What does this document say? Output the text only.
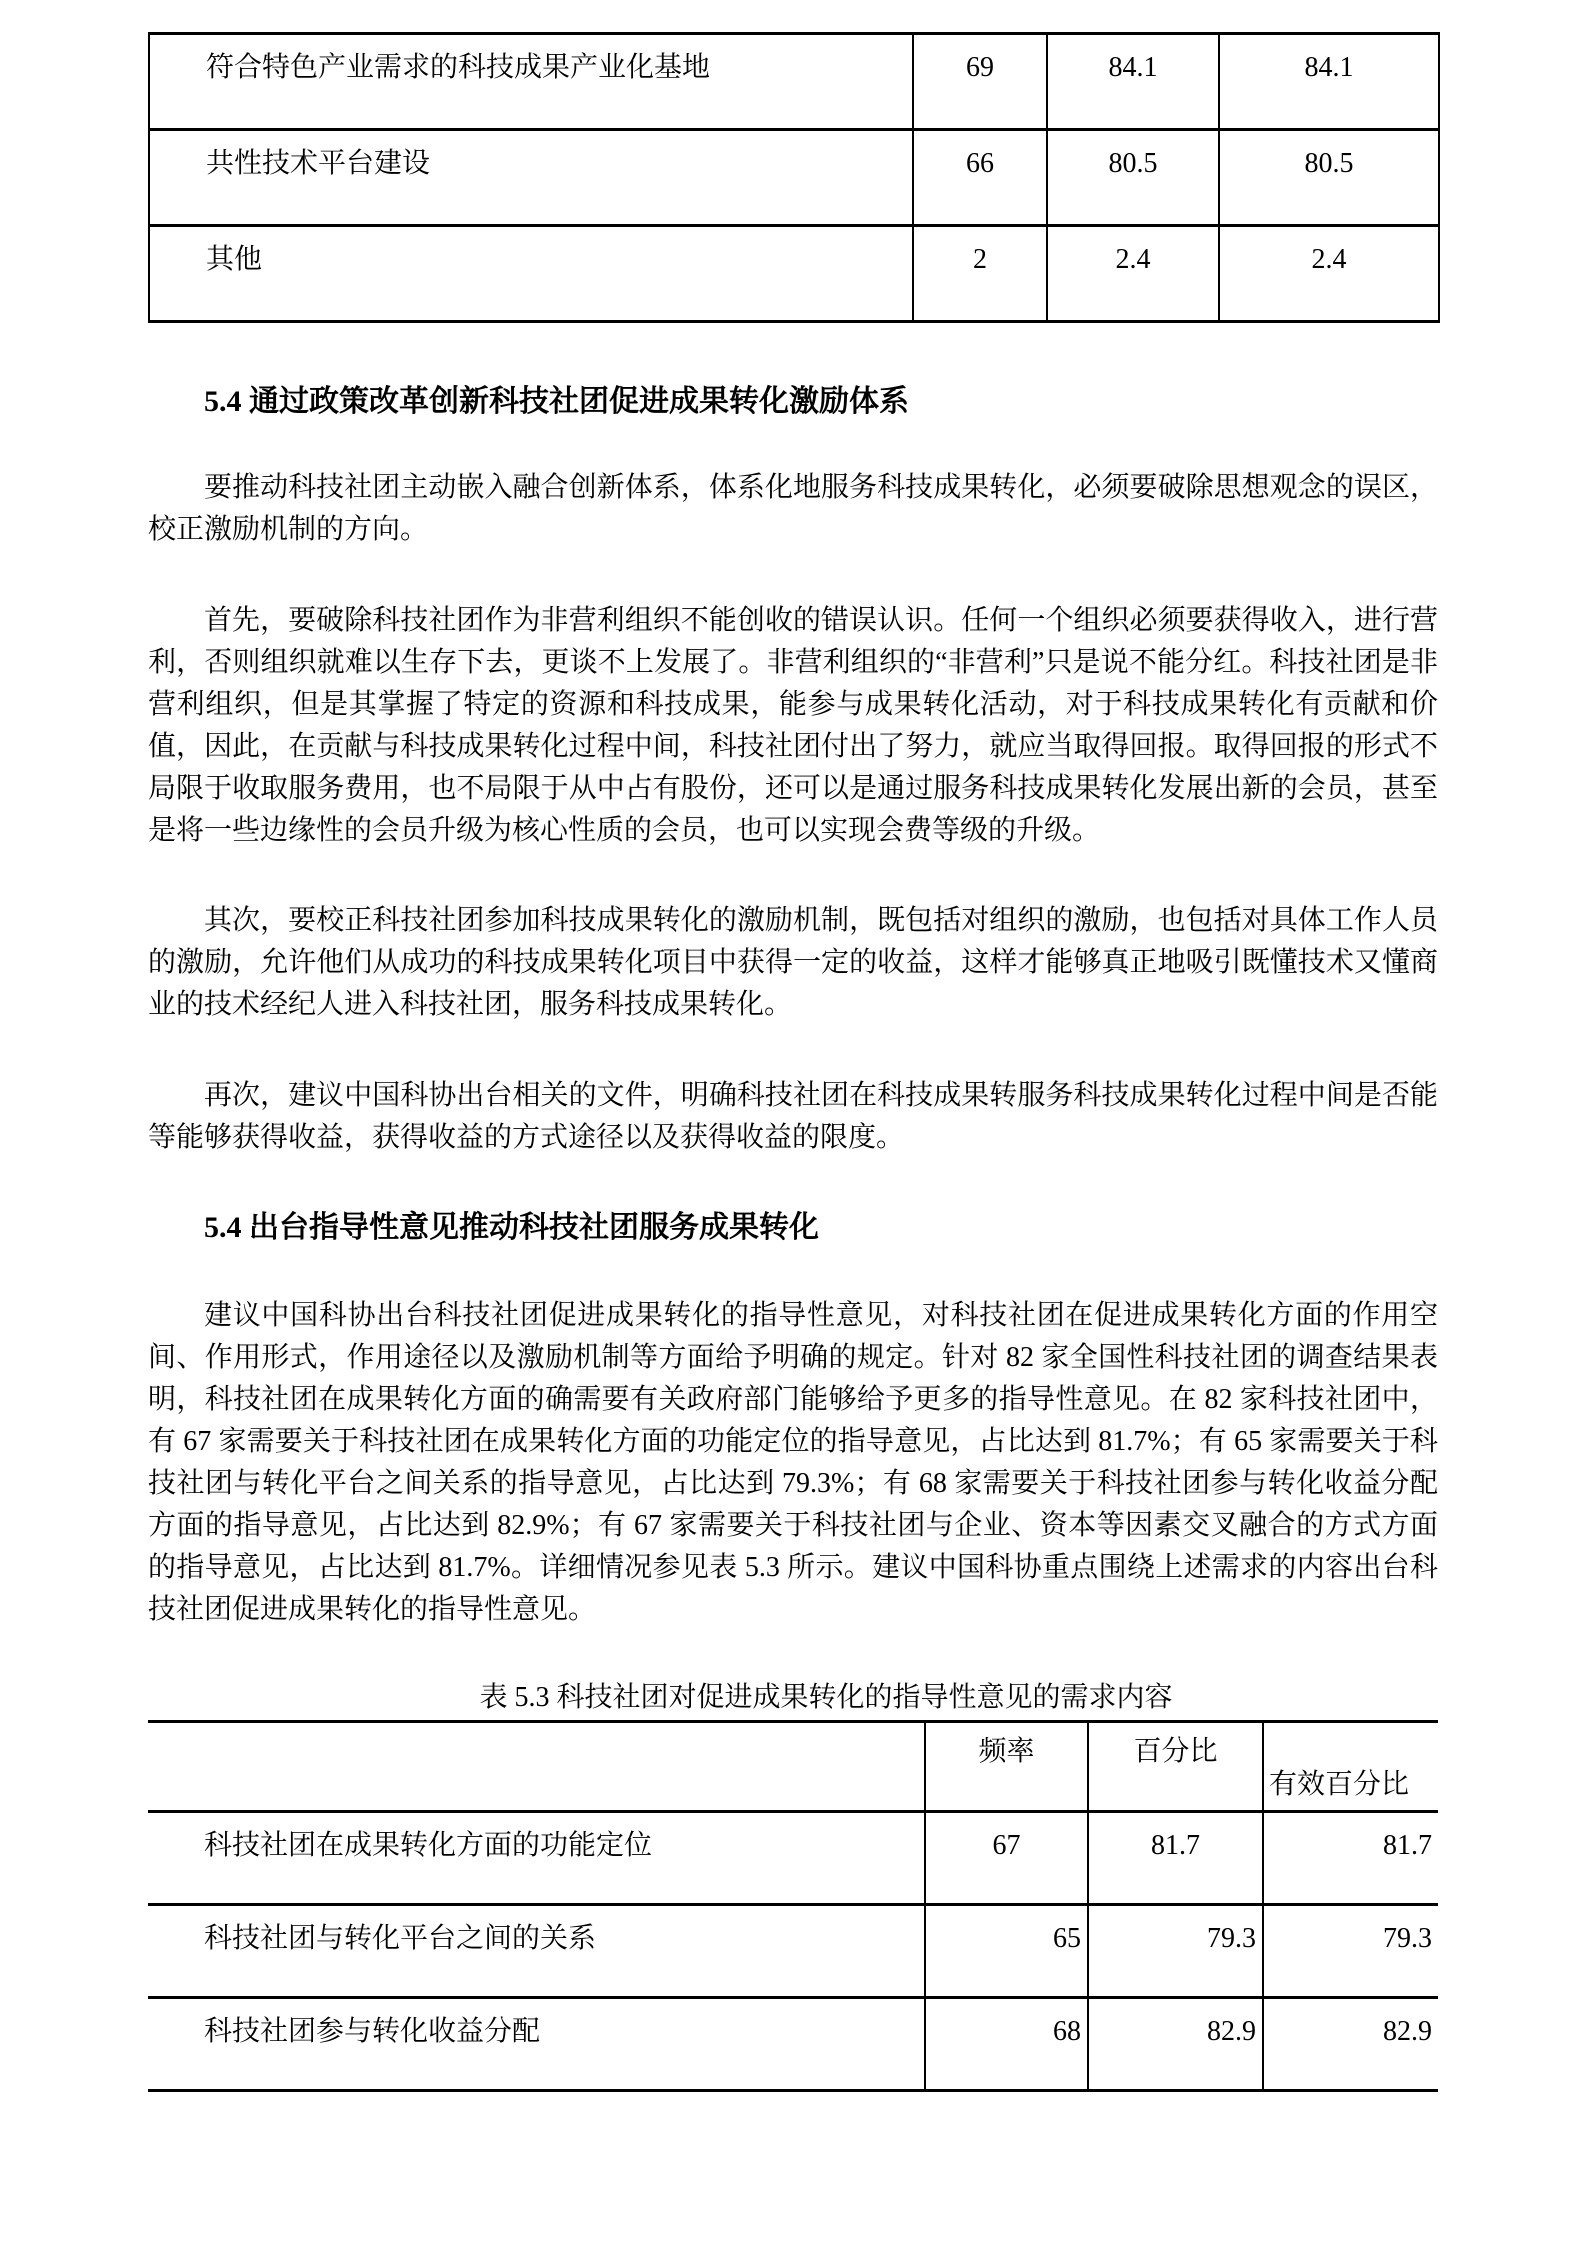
符合特色产业需求的科技成果产业化基地	69	84.1	84.1
共性技术平台建设	66	80.5	80.5
其他	2	2.4	2.4

5.4 通过政策改革创新科技社团促进成果转化激励体系

要推动科技社团主动嵌入融合创新体系，体系化地服务科技成果转化，必须要破除思想观念的误区，校正激励机制的方向。

首先，要破除科技社团作为非营利组织不能创收的错误认识。任何一个组织必须要获得收入，进行营利，否则组织就难以生存下去，更谈不上发展了。非营利组织的“非营利”只是说不能分红。科技社团是非营利组织，但是其掌握了特定的资源和科技成果，能参与成果转化活动，对于科技成果转化有贡献和价值，因此，在贡献与科技成果转化过程中间，科技社团付出了努力，就应当取得回报。取得回报的形式不局限于收取服务费用，也不局限于从中占有股份，还可以是通过服务科技成果转化发展出新的会员，甚至是将一些边缘性的会员升级为核心性质的会员，也可以实现会费等级的升级。

其次，要校正科技社团参加科技成果转化的激励机制，既包括对组织的激励，也包括对具体工作人员的激励，允许他们从成功的科技成果转化项目中获得一定的收益，这样才能够真正地吸引既懂技术又懂商业的技术经纪人进入科技社团，服务科技成果转化。

再次，建议中国科协出台相关的文件，明确科技社团在科技成果转服务科技成果转化过程中间是否能等能够获得收益，获得收益的方式途径以及获得收益的限度。

5.4 出台指导性意见推动科技社团服务成果转化

建议中国科协出台科技社团促进成果转化的指导性意见，对科技社团在促进成果转化方面的作用空间、作用形式，作用途径以及激励机制等方面给予明确的规定。针对 82 家全国性科技社团的调查结果表明，科技社团在成果转化方面的确需要有关政府部门能够给予更多的指导性意见。在 82 家科技社团中，有 67 家需要关于科技社团在成果转化方面的功能定位的指导意见，占比达到 81.7%；有 65 家需要关于科技社团与转化平台之间关系的指导意见，占比达到 79.3%；有 68 家需要关于科技社团参与转化收益分配方面的指导意见，占比达到 82.9%；有 67 家需要关于科技社团与企业、资本等因素交叉融合的方式方面的指导意见，占比达到 81.7%。详细情况参见表 5.3 所示。建议中国科协重点围绕上述需求的内容出台科技社团促进成果转化的指导性意见。

表 5.3 科技社团对促进成果转化的指导性意见的需求内容

	频率	百分比	有效百分比
科技社团在成果转化方面的功能定位	67	81.7	81.7
科技社团与转化平台之间的关系	65	79.3	79.3
科技社团参与转化收益分配	68	82.9	82.9
